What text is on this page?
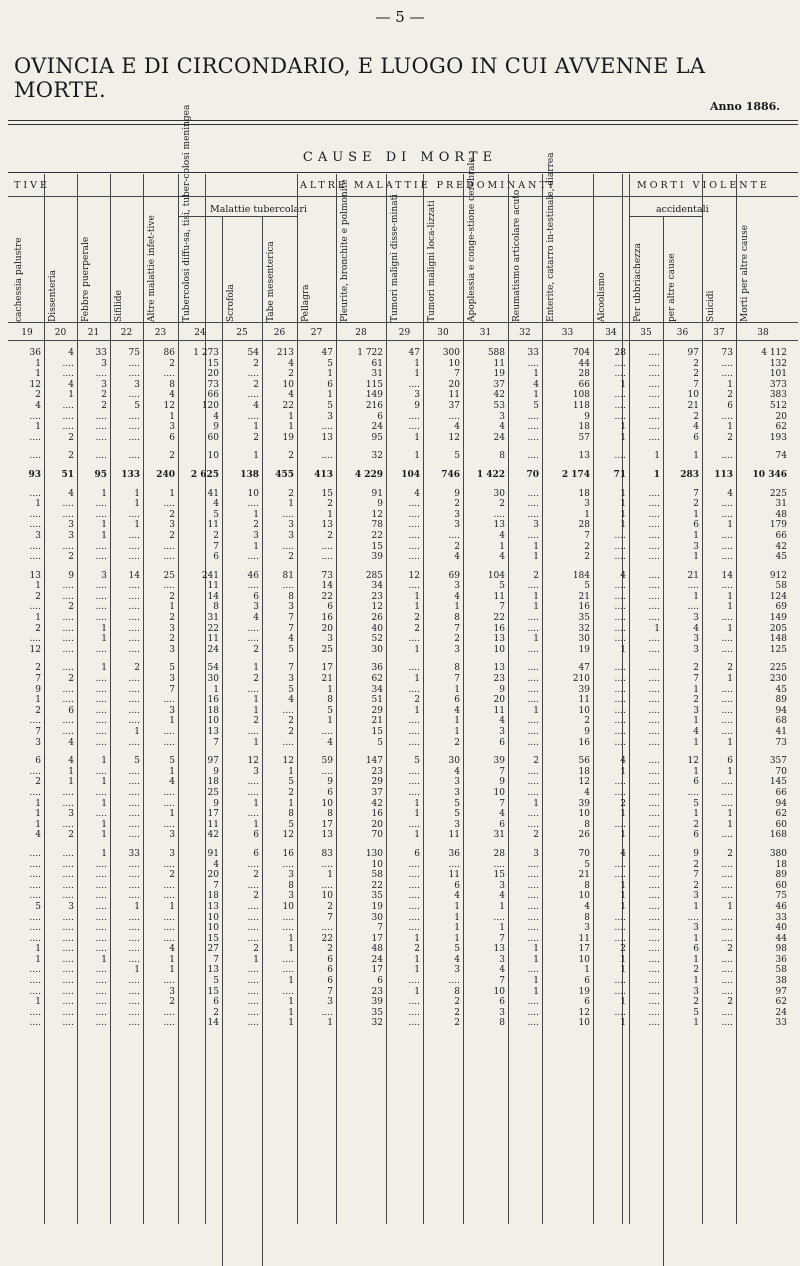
— 5 —
OVINCIA E DI CIRCONDARIO, E LUOGO IN CUI AVVENNE LA MORTE.
Anno 1886.
CAUSE DI MORTE
TIVE	ALTRE MALATTIE PREDOMINANTI	MORTI VIOLENTE
Malattie tubercolari	accidentali
cachessia palustre
19
Dissenteria
20
Febbre puerperale
21
Sifilide
22
Altre malattie infet-tive
23
Tubercolosi diffu-sa, tisi, tuber-colosi meningea
24
Scrofola
25
Tabe mesenterica
26
Pellagra
27
Pleurite, bronchite e polmonite
28
Tumori maligni disse-minati
29
Tumori maligni loca-lizzati
30
Apoplessia e conge-stione cerebrale
31
Reumatismo articolare acuto
32
Enterite, catarro in-testinale, diarrea
33
Alcoolismo
34
Per ubbriachezza
35
per altre cause
36
Suicidi
37
Morti per altre cause
38
36	4	33	75	86	1 273	54	213	47	1 722	47	300	588	33	704	28	....	97	73	4 112
1	....	3	....	2	15	2	4	5	61	1	10	11	....	44	....	....	2	....	132
1	....	....	....	....	20	....	2	1	31	1	7	19	1	28	....	....	2	....	101
12	4	3	3	8	73	2	10	6	115	....	20	37	4	66	1	....	7	1	373
2	1	2	....	4	66	....	4	1	149	3	11	42	1	108	....	....	10	2	383
4	....	2	5	12	120	4	22	5	216	9	37	53	5	118	....	....	21	6	512
....	....	....	....	1	4	....	1	3	6	....	....	3	....	9	....	....	2	....	20
1	....	....	....	3	9	1	1	....	24	....	4	4	....	18	1	....	4	1	62
....	2	....	....	6	60	2	19	13	95	1	12	24	....	57	1	....	6	2	193

....	2	....	....	2	10	1	2	....	32	1	5	8	....	13	....	1	1	....	74

93	51	95	133	240	2 625	138	455	413	4 229	104	746	1 422	70	2 174	71	1	283	113	10 346

....	4	1	1	1	41	10	2	15	91	4	9	30	....	18	1	....	7	4	225
1	....	....	1	....	4	....	1	2	9	....	2	2	....	3	1	....	2	....	31
....	....	....	....	2	5	1	....	1	12	....	3	....	....	1	1	....	1	....	48
....	3	1	1	3	11	2	3	13	78	....	3	13	3	28	1	....	6	1	179
3	3	1	....	2	2	3	3	2	22	....	....	4	....	7	....	....	1	....	66
....	....	....	....	....	7	1	....	....	15	....	2	1	1	2	....	....	3	....	42
....	2	....	....	....	6	....	2	....	39	....	4	4	1	2	....	....	1	....	45

13	9	3	14	25	241	46	81	73	285	12	69	104	2	184	4	....	21	14	912
1	....	....	....	....	11	....	....	14	34	....	3	5	....	5	....	....	....	....	58
2	....	....	....	2	14	6	8	22	23	1	4	11	1	21	....	....	1	1	124
....	2	....	....	1	8	3	3	6	12	1	1	7	1	16	....	....	....	1	69
1	....	....	....	2	31	4	7	16	26	2	8	22	....	35	....	....	3	....	149
2	....	1	....	3	22	....	7	20	40	2	7	16	....	32	....	1	4	1	205
....	....	1	....	2	11	....	4	3	52	....	2	13	1	30	....	....	3	....	148
12	....	....	....	3	24	2	5	25	30	1	3	10	....	19	1	....	3	....	125

2	....	1	2	5	54	1	7	17	36	....	8	13	....	47	....	....	2	2	225
7	2	....	....	3	30	2	3	21	62	1	7	23	....	210	....	....	7	1	230
9	....	....	....	7	1	....	5	1	34	....	1	9	....	39	....	....	1	....	45
1	....	....	....	....	16	1	4	8	51	2	6	20	....	11	....	....	2	....	89
2	6	....	....	3	18	1	....	5	29	1	4	11	1	10	....	....	3	....	94
....	....	....	....	1	10	2	2	1	21	....	1	4	....	2	....	....	1	....	68
7	....	....	1	....	13	....	2	....	15	....	1	3	....	9	....	....	4	....	41
3	4	....	....	....	7	1	....	4	5	....	2	6	....	16	....	....	1	1	73

6	4	1	5	5	97	12	12	59	147	5	30	39	2	56	4	....	12	6	357
....	1	....	....	1	9	3	1	....	23	....	4	7	....	18	1	....	1	1	70
2	1	1	....	4	18	....	5	9	29	....	3	9	....	12	....	....	6	....	145
....	....	....	....	....	25	....	2	6	37	....	3	10	....	4	....	....	....	....	66
1	....	1	....	....	9	1	1	10	42	1	5	7	1	39	2	....	5	....	94
1	3	....	....	1	17	....	8	8	16	1	5	4	....	10	1	....	1	1	62
1	....	1	....	....	11	1	5	17	20	....	3	6	....	8	....	....	2	1	60
4	2	1	....	3	42	6	12	13	70	1	11	31	2	26	1	....	6	....	168

....	....	1	33	3	91	6	16	83	130	6	36	28	3	70	4	....	9	2	380
....	....	....	....	....	4	....	....	....	10	....	....	....	....	5	....	....	2	....	18
....	....	....	....	2	20	2	3	1	58	....	11	15	....	21	....	....	7	....	89
....	....	....	....	....	7	....	8	....	22	....	6	3	....	8	1	....	2	....	60
....	....	....	....	....	18	2	3	10	35	....	4	4	....	10	1	....	3	....	75
5	3	....	1	1	13	....	10	2	19	....	1	1	....	4	1	....	1	1	46
....	....	....	....	....	10	....	....	7	30	....	1	....	....	8	....	....	....	....	33
....	....	....	....	....	10	....	....	....	7	....	1	1	....	3	....	....	3	....	40
....	....	....	....	....	15	....	1	22	17	1	1	7	....	11	....	....	1	....	44
1	....	....	....	4	27	2	1	2	48	2	5	13	1	17	2	....	6	2	98
1	....	1	....	1	7	1	....	6	24	1	4	3	1	10	1	....	1	....	36
....	....	....	1	1	13	....	....	6	17	1	3	4	....	1	1	....	2	....	58
....	....	....	....	....	5	....	1	6	6	....	....	7	1	6	....	....	1	....	38
....	....	....	....	3	15	....	....	7	23	1	8	10	1	19	....	....	3	....	97
1	....	....	....	2	6	....	1	3	39	....	2	6	....	6	1	....	2	2	62
....	....	....	....	....	2	....	1	....	35	....	2	3	....	12	....	....	5	....	24
....	....	....	....	....	14	....	1	1	32	....	2	8	....	10	1	....	1	....	33
